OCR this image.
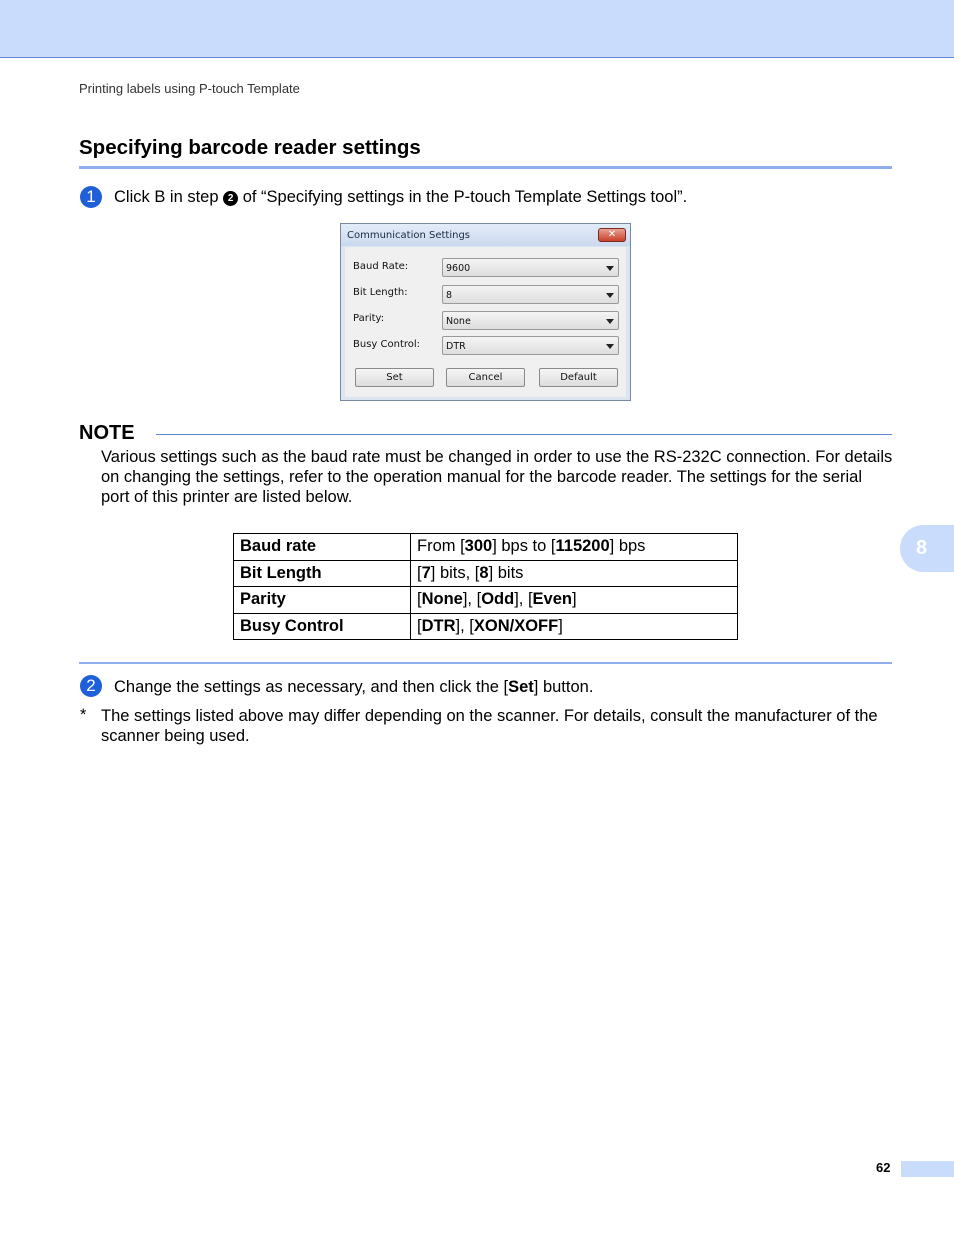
Printing labels using P-touch Template
Specifying barcode reader settings
1	Click B in step 2 of “Specifying settings in the P-touch Template Settings tool”.
Communication Settings	✕
Baud Rate:	9600
Bit Length:	8
Parity:	None
Busy Control:	DTR
Set	Cancel	Default
NOTE
Various settings such as the baud rate must be changed in order to use the RS-232C connection. For details on changing the settings, refer to the operation manual for the barcode reader. The settings for the serial port of this printer are listed below.
Baud rate	From [300] bps to [115200] bps
Bit Length	[7] bits, [8] bits
Parity	[None], [Odd], [Even]
Busy Control	[DTR], [XON/XOFF]
2	Change the settings as necessary, and then click the [Set] button.
* The settings listed above may differ depending on the scanner. For details, consult the manufacturer of the scanner being used.
8
62
